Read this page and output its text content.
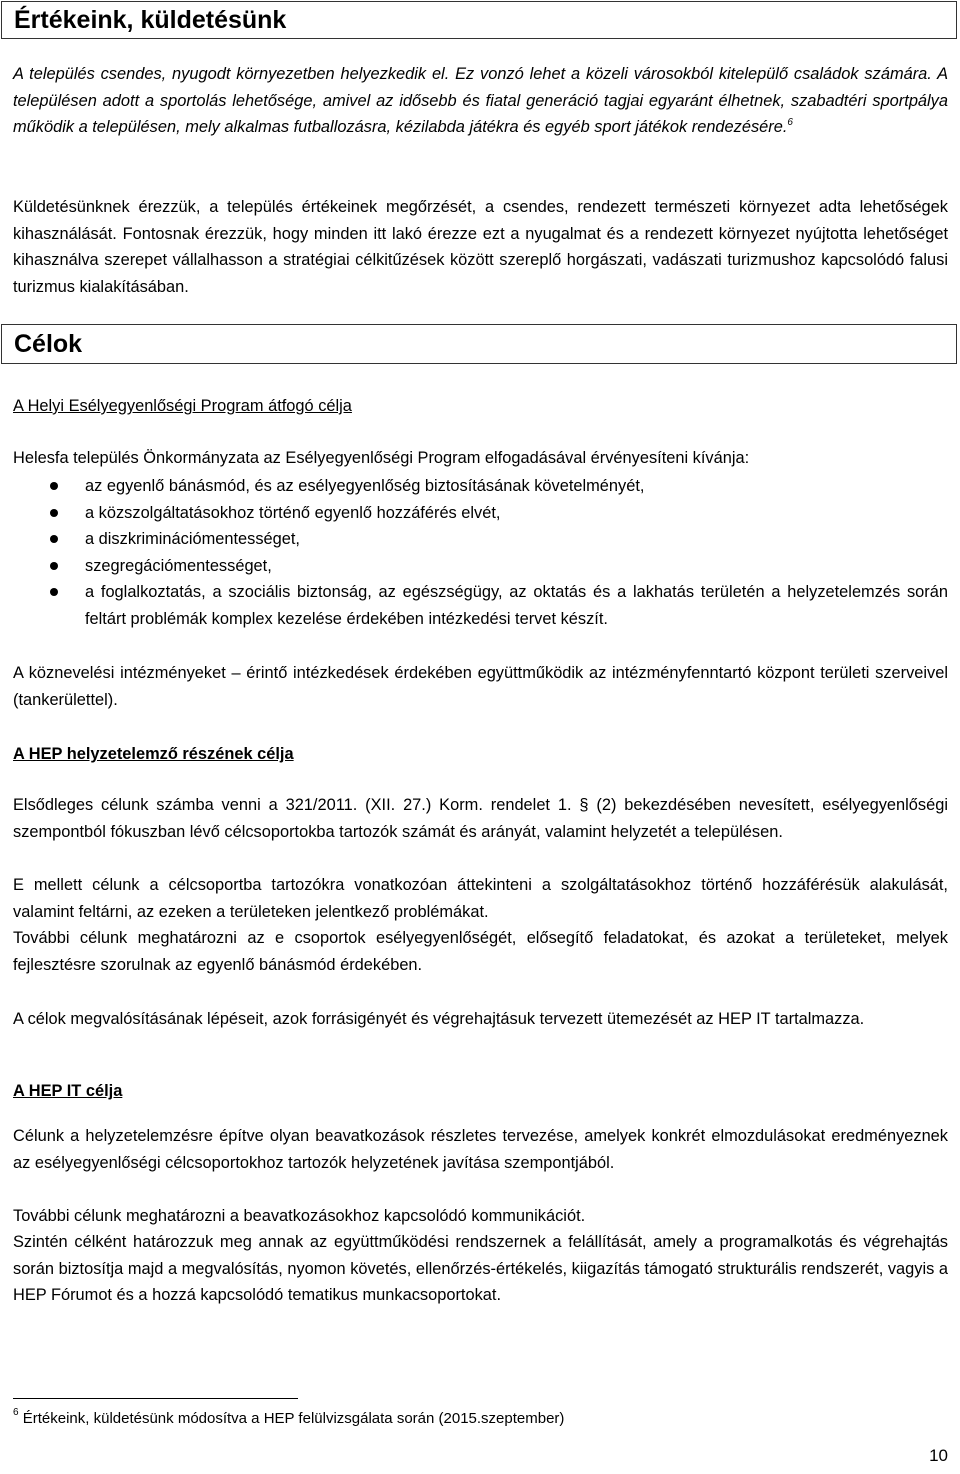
Értékeink, küldetésünk

A település csendes, nyugodt környezetben helyezkedik el. Ez vonzó lehet a közeli városokból kitelepülő családok számára. A településen adott a sportolás lehetősége, amivel az idősebb és fiatal generáció tagjai egyaránt élhetnek, szabadtéri sportpálya működik a településen, mely alkalmas futballozásra, kézilabda játékra és egyéb sport játékok rendezésére.$^6$

Küldetésünknek érezzük, a település értékeinek megőrzését, a csendes, rendezett természeti környezet adta lehetőségek kihasználását. Fontosnak érezzük, hogy minden itt lakó érezze ezt a nyugalmat és a rendezett környezet nyújtotta lehetőséget kihasználva szerepet vállalhasson a stratégiai célkitűzések között szereplő horgászati, vadászati turizmushoz kapcsolódó falusi turizmus kialakításában.

Célok

A Helyi Esélyegyenlőségi Program átfogó célja

Helesfa település Önkormányzata az Esélyegyenlőségi Program elfogadásával érvényesíteni kívánja:

az egyenlő bánásmód, és az esélyegyenlőség biztosításának követelményét,
a közszolgáltatásokhoz történő egyenlő hozzáférés elvét,
a diszkriminációmentességet,
szegregációmentességet,
a foglalkoztatás, a szociális biztonság, az egészségügy, az oktatás és a lakhatás területén a helyzetelemzés során feltárt problémák komplex kezelése érdekében intézkedési tervet készít.

A köznevelési intézményeket – érintő intézkedések érdekében együttműködik az intézményfenntartó központ területi szerveivel (tankerülettel).

A HEP helyzetelemző részének célja

Elsődleges célunk számba venni a 321/2011. (XII. 27.) Korm. rendelet 1. § (2) bekezdésében nevesített, esélyegyenlőségi szempontból fókuszban lévő célcsoportokba tartozók számát és arányát, valamint helyzetét a településen.

E mellett célunk a célcsoportba tartozókra vonatkozóan áttekinteni a szolgáltatásokhoz történő hozzáférésük alakulását, valamint feltárni, az ezeken a területeken jelentkező problémákat.

További célunk meghatározni az e csoportok esélyegyenlőségét, elősegítő feladatokat, és azokat a területeket, melyek fejlesztésre szorulnak az egyenlő bánásmód érdekében.

A célok megvalósításának lépéseit, azok forrásigényét és végrehajtásuk tervezett ütemezését az HEP IT tartalmazza.

A HEP IT célja

Célunk a helyzetelemzésre építve olyan beavatkozások részletes tervezése, amelyek konkrét elmozdulásokat eredményeznek az esélyegyenlőségi célcsoportokhoz tartozók helyzetének javítása szempontjából.

További célunk meghatározni a beavatkozásokhoz kapcsolódó kommunikációt.

Szintén célként határozzuk meg annak az együttműködési rendszernek a felállítását, amely a programalkotás és végrehajtás során biztosítja majd a megvalósítás, nyomon követés, ellenőrzés-értékelés, kiigazítás támogató strukturális rendszerét, vagyis a HEP Fórumot és a hozzá kapcsolódó tematikus munkacsoportokat.

$^6$ Értékeink, küldetésünk módosítva a HEP felülvizsgálata során (2015.szeptember)

10
